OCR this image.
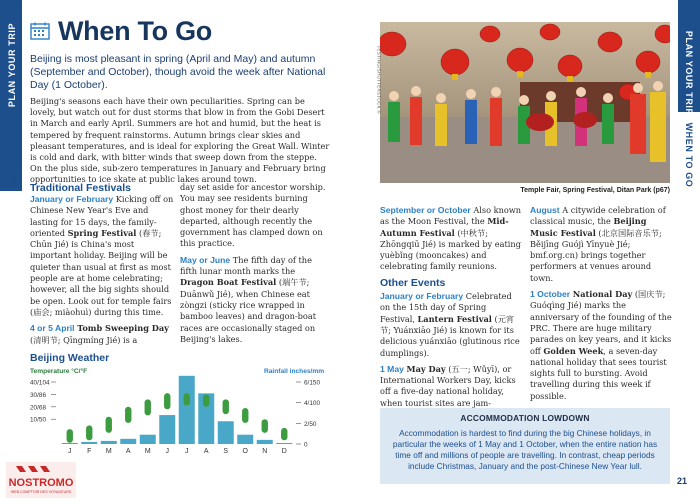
PLAN YOUR TRIP
WHEN TO GO
PLAN YOUR TRIP
WHEN TO GO
When To Go
Beijing is most pleasant in spring (April and May) and autumn (September and October), though avoid the week after National Day (1 October).
Beijing's seasons each have their own peculiarities. Spring can be lovely, but watch out for dust storms that blow in from the Gobi Desert in March and early April. Summers are hot and humid, but the heat is tempered by frequent rainstorms. Autumn brings clear skies and pleasant temperatures, and is ideal for exploring the Great Wall. Winter is cold and dark, with bitter winds that sweep down from the steppe. On the plus side, sub-zero temperatures in January and February bring opportunities to ice skate at public lakes around town.
Traditional Festivals

January or February Kicking off on Chinese New Year's Eve and lasting for 15 days, the family-oriented Spring Festival (春节; Chūn Jié) is China's most important holiday. Beijing will be quieter than usual at first as most people are at home celebrating; however, all the big sights should be open. Look out for temple fairs (庙会; miàohuì) during this time.

4 or 5 April Tomb Sweeping Day (清明节; Qīngmíng Jié) is a

day set aside for ancestor worship. You may see residents burning ghost money for their dearly departed, although recently the government has clamped down on this practice.

May or June The fifth day of the fifth lunar month marks the Dragon Boat Festival (端午节; Duānwǔ Jié), when Chinese eat zòngzi (sticky rice wrapped in bamboo leaves) and dragon-boat races are occasionally staged on Beijing's lakes.

Beijing Weather
Temperature °C/°F	Rainfall inches/mm
40/104
30/86
20/68
10/50
6/150
4/100
2/50
0
J F M A M J J A S O N D
TESTING/SHUTTERSTOCK ©
Temple Fair, Spring Festival, Ditan Park (p67)

September or October Also known as the Moon Festival, the Mid-Autumn Festival (中秋节; Zhōngqiū Jié) is marked by eating yuèbǐng (mooncakes) and celebrating family reunions.

Other Events

January or February Celebrated on the 15th day of Spring Festival, Lantern Festival (元宵节; Yuánxiāo Jié) is known for its delicious yuánxiāo (glutinous rice dumplings).

1 May May Day (五一; Wǔyī), or International Workers Day, kicks off a five-day national holiday, when tourist sites are jam-

August A citywide celebration of classical music, the Beijing Music Festival (北京国际音乐节; Běijīng Guójì Yīnyuè Jié; bmf.org.cn) brings together performers at venues around town.

1 October National Day (国庆节; Guóqìng Jié) marks the anniversary of the founding of the PRC. There are huge military parades on key years, and it kicks off Golden Week, a seven-day national holiday that sees tourist sights full to bursting. Avoid travelling during this week if possible.

ACCOMMODATION LOWDOWN
Accommodation is hardest to find during the big Chinese holidays, in particular the weeks of 1 May and 1 October, when the entire nation has time off and millions of people are travelling. In contrast, cheap periods include Christmas, January and the post-Chinese New Year lull.
21
NOSTROMO
WEB COMPTOIR DES VOYAGEURS
